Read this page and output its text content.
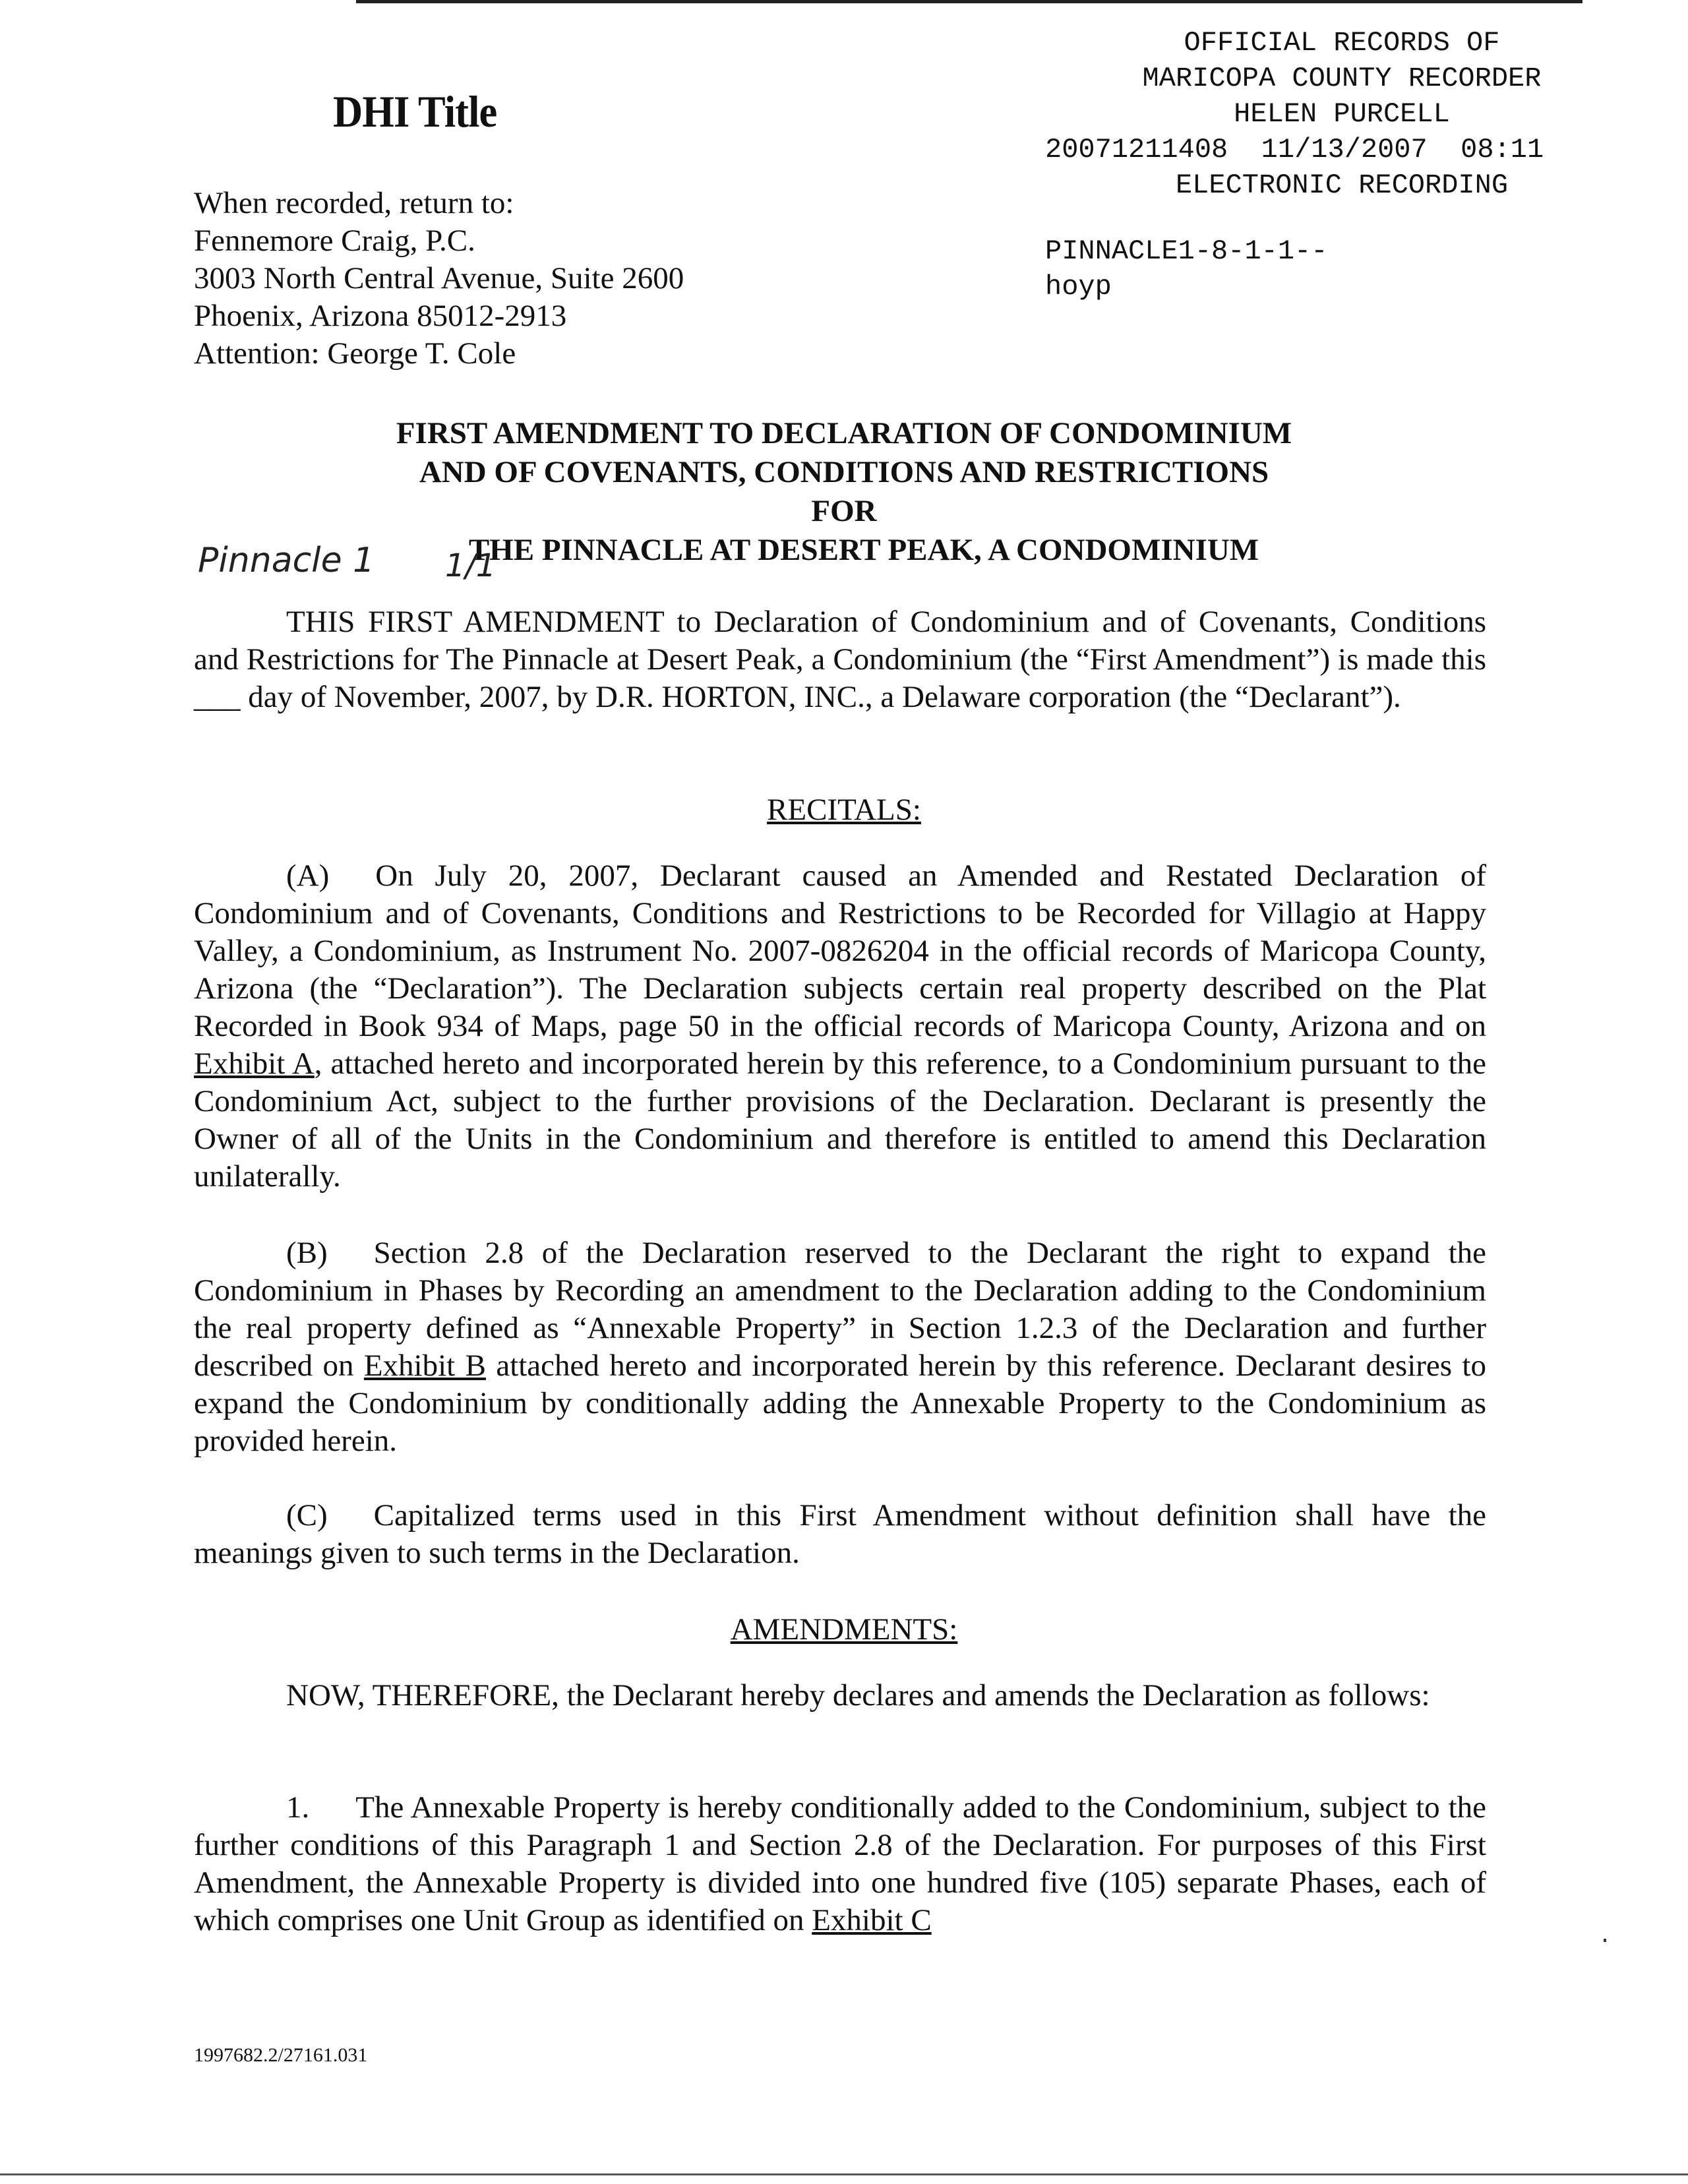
DHI Title
When recorded, return to:
Fennemore Craig, P.C.
3003 North Central Avenue, Suite 2600
Phoenix, Arizona 85012-2913
Attention: George T. Cole
OFFICIAL RECORDS OF
MARICOPA COUNTY RECORDER
HELEN PURCELL
20071211408 11/13/2007 08:11
ELECTRONIC RECORDING
PINNACLE1-8-1-1--
hoyp
FIRST AMENDMENT TO DECLARATION OF CONDOMINIUM
AND OF COVENANTS, CONDITIONS AND RESTRICTIONS
FOR
THE PINNACLE AT DESERT PEAK, A CONDOMINIUM
Pinnacle 1 1/1
THIS FIRST AMENDMENT to Declaration of Condominium and of Covenants, Conditions and Restrictions for The Pinnacle at Desert Peak, a Condominium (the “First Amendment”) is made this ___ day of November, 2007, by D.R. HORTON, INC., a Delaware corporation (the “Declarant”).
RECITALS:
(A) On July 20, 2007, Declarant caused an Amended and Restated Declaration of Condominium and of Covenants, Conditions and Restrictions to be Recorded for Villagio at Happy Valley, a Condominium, as Instrument No. 2007-0826204 in the official records of Maricopa County, Arizona (the “Declaration”). The Declaration subjects certain real property described on the Plat Recorded in Book 934 of Maps, page 50 in the official records of Maricopa County, Arizona and on Exhibit A, attached hereto and incorporated herein by this reference, to a Condominium pursuant to the Condominium Act, subject to the further provisions of the Declaration. Declarant is presently the Owner of all of the Units in the Condominium and therefore is entitled to amend this Declaration unilaterally.
(B) Section 2.8 of the Declaration reserved to the Declarant the right to expand the Condominium in Phases by Recording an amendment to the Declaration adding to the Condominium the real property defined as “Annexable Property” in Section 1.2.3 of the Declaration and further described on Exhibit B attached hereto and incorporated herein by this reference. Declarant desires to expand the Condominium by conditionally adding the Annexable Property to the Condominium as provided herein.
(C) Capitalized terms used in this First Amendment without definition shall have the meanings given to such terms in the Declaration.
AMENDMENTS:
NOW, THEREFORE, the Declarant hereby declares and amends the Declaration as follows:
1. The Annexable Property is hereby conditionally added to the Condominium, subject to the further conditions of this Paragraph 1 and Section 2.8 of the Declaration. For purposes of this First Amendment, the Annexable Property is divided into one hundred five (105) separate Phases, each of which comprises one Unit Group as identified on Exhibit C
1997682.2/27161.031
